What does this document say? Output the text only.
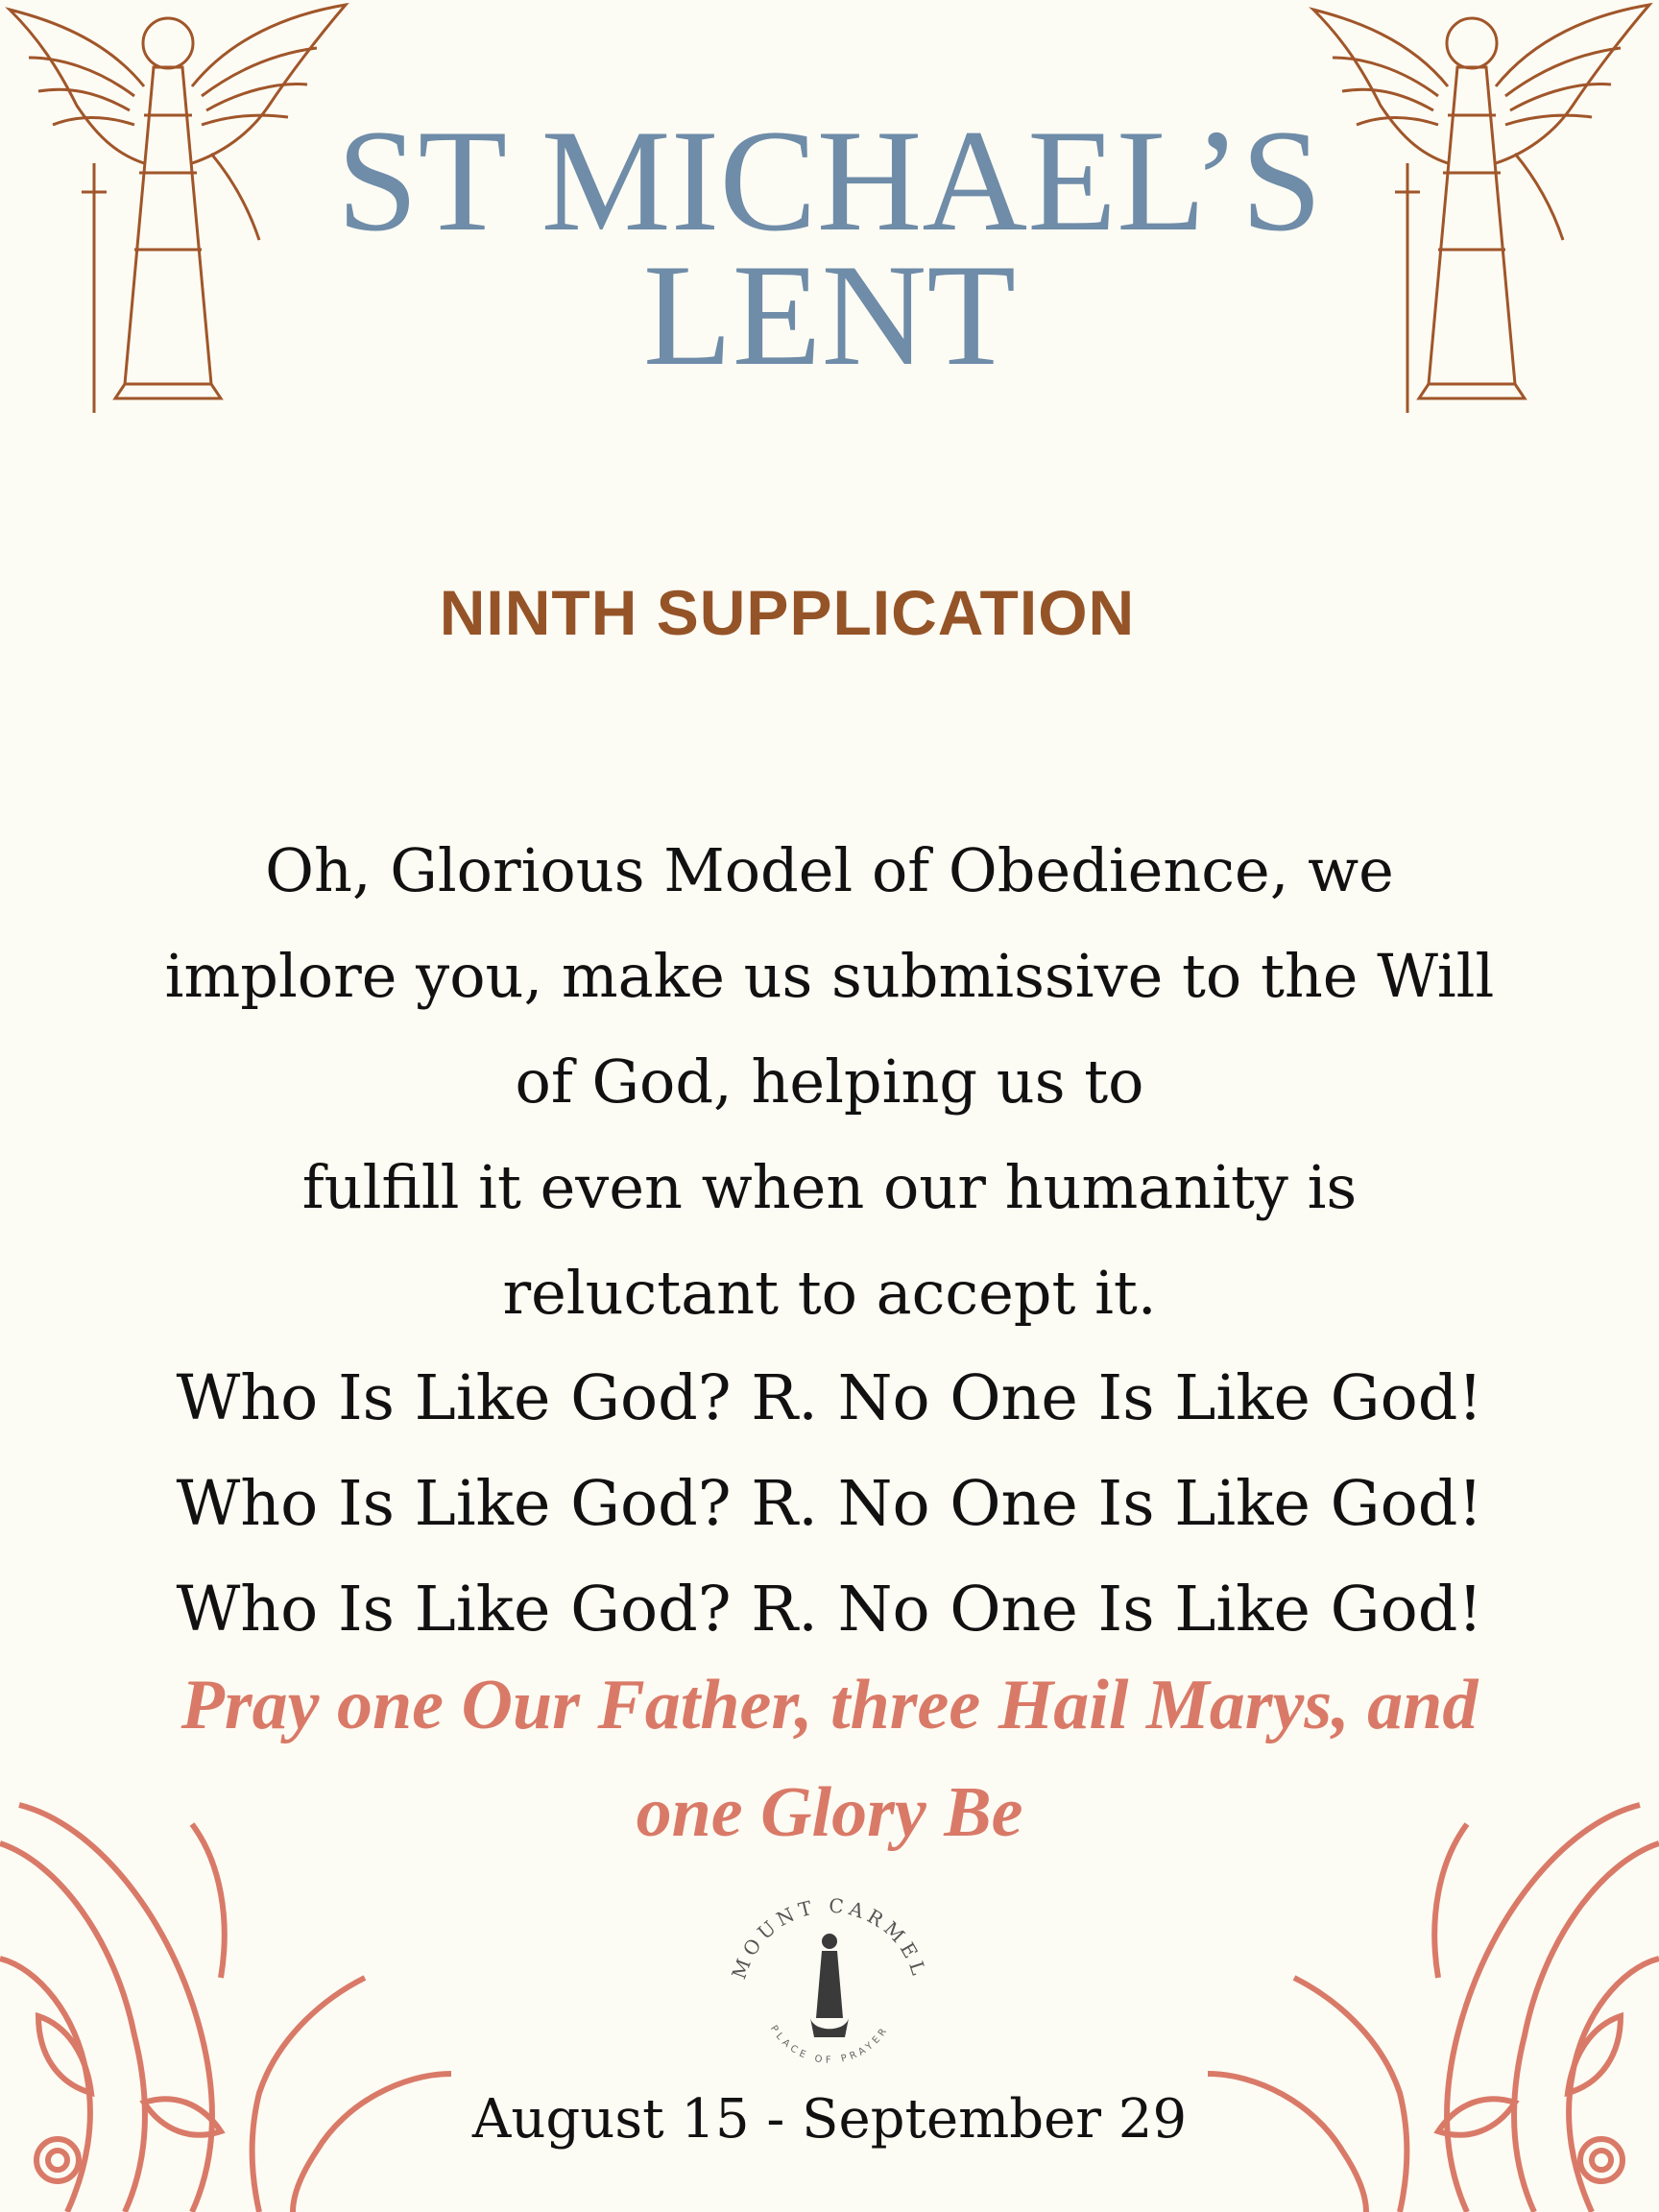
ST MICHAEL’S
LENT
NINTH SUPPLICATION
Oh, Glorious Model of Obedience, we
implore you, make us submissive to the Will
of God, helping us to
fulfill it even when our humanity is
reluctant to accept it.
Who Is Like God? R. No One Is Like God!
Who Is Like God? R. No One Is Like God!
Who Is Like God? R. No One Is Like God!
Pray one Our Father, three Hail Marys, and
one Glory Be
MOUNT CARMEL
PLACE OF PRAYER
August 15 - September 29
